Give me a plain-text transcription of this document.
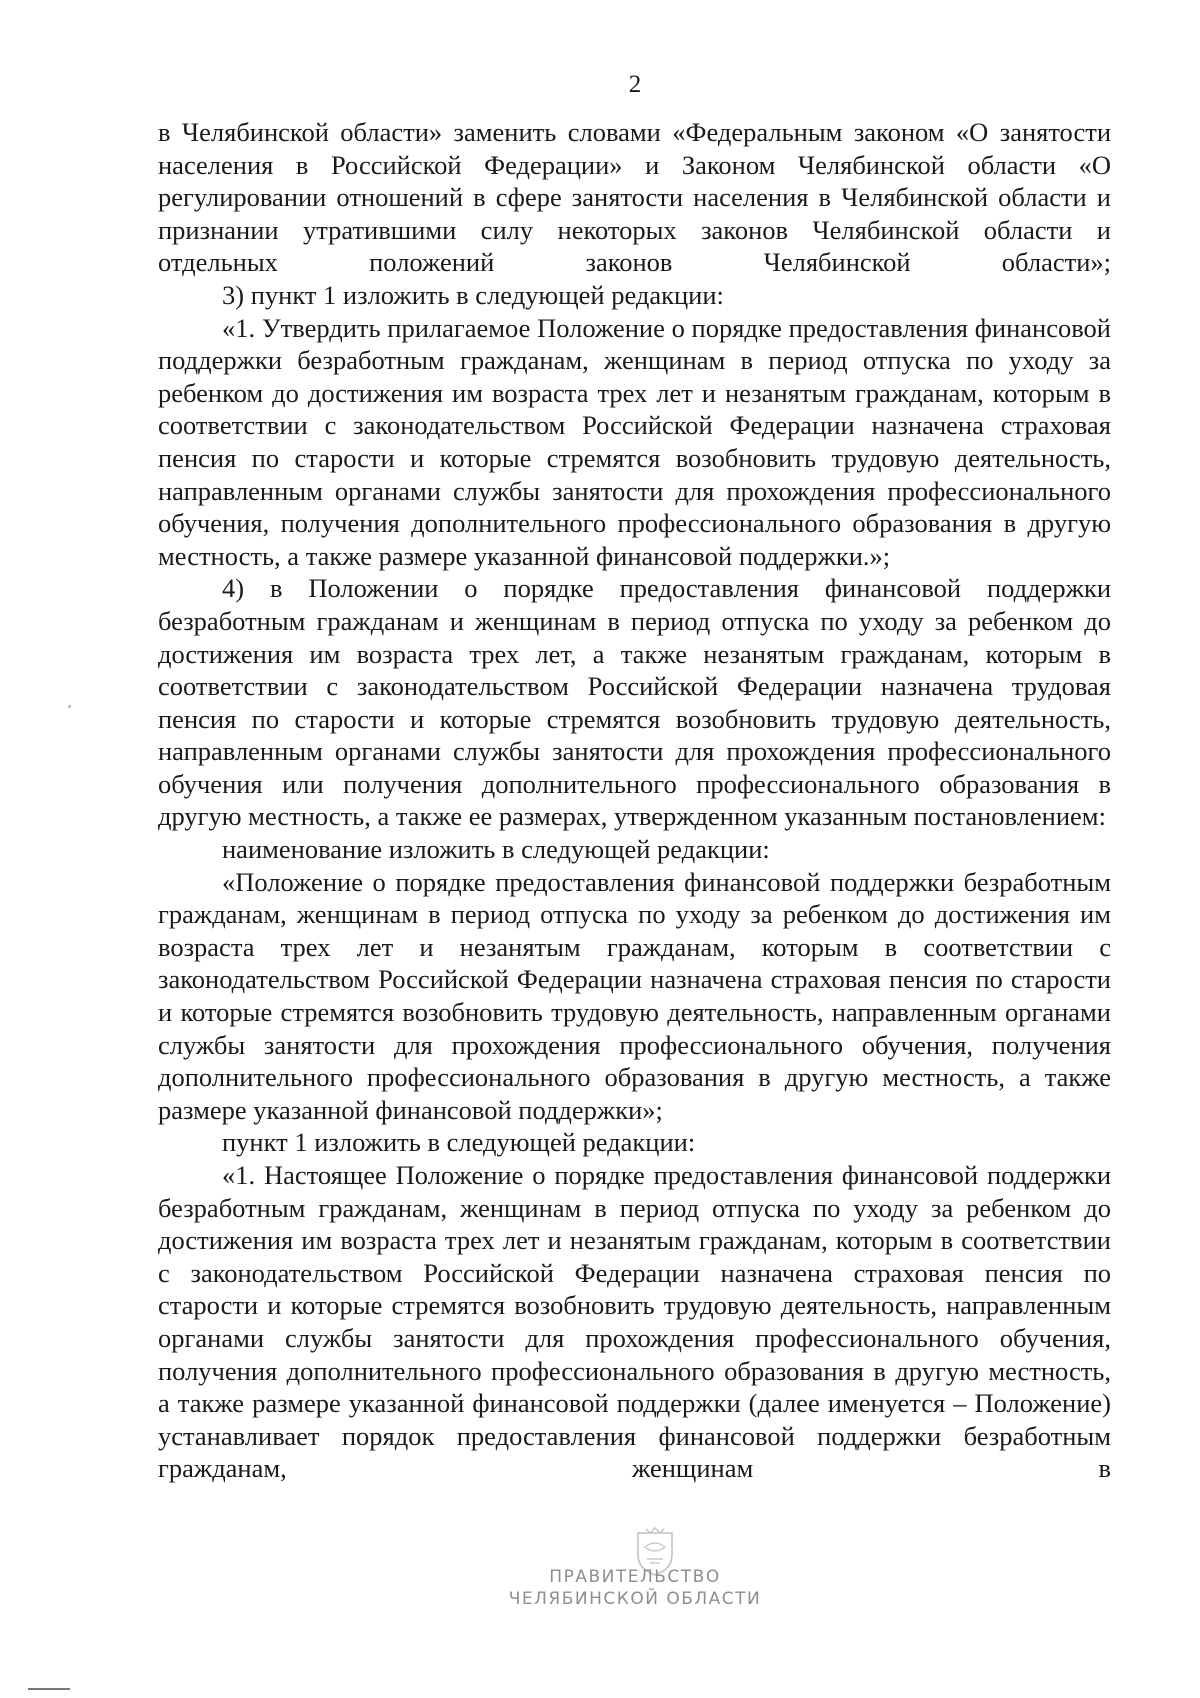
2

в Челябинской области» заменить словами «Федеральным законом «О занятости населения в Российской Федерации» и Законом Челябинской области «О регулировании отношений в сфере занятости населения в Челябинской области и признании утратившими силу некоторых законов Челябинской области и отдельных положений законов Челябинской области»;

3) пункт 1 изложить в следующей редакции:

«1. Утвердить прилагаемое Положение о порядке предоставления финансовой поддержки безработным гражданам, женщинам в период отпуска по уходу за ребенком до достижения им возраста трех лет и незанятым гражданам, которым в соответствии с законодательством Российской Федерации назначена страховая пенсия по старости и которые стремятся возобновить трудовую деятельность, направленным органами службы занятости для прохождения профессионального обучения, получения дополнительного профессионального образования в другую местность, а также размере указанной финансовой поддержки.»;

4) в Положении о порядке предоставления финансовой поддержки безработным гражданам и женщинам в период отпуска по уходу за ребенком до достижения им возраста трех лет, а также незанятым гражданам, которым в соответствии с законодательством Российской Федерации назначена трудовая пенсия по старости и которые стремятся возобновить трудовую деятельность, направленным органами службы занятости для прохождения профессионального обучения или получения дополнительного профессионального образования в другую местность, а также ее размерах, утвержденном указанным постановлением:

наименование изложить в следующей редакции:

«Положение о порядке предоставления финансовой поддержки безработным гражданам, женщинам в период отпуска по уходу за ребенком до достижения им возраста трех лет и незанятым гражданам, которым в соответствии с законодательством Российской Федерации назначена страховая пенсия по старости и которые стремятся возобновить трудовую деятельность, направленным органами службы занятости для прохождения профессионального обучения, получения дополнительного профессионального образования в другую местность, а также размере указанной финансовой поддержки»;

пункт 1 изложить в следующей редакции:

«1. Настоящее Положение о порядке предоставления финансовой поддержки безработным гражданам, женщинам в период отпуска по уходу за ребенком до достижения им возраста трех лет и незанятым гражданам, которым в соответствии с законодательством Российской Федерации назначена страховая пенсия по старости и которые стремятся возобновить трудовую деятельность, направленным органами службы занятости для прохождения профессионального обучения, получения дополнительного профессионального образования в другую местность, а также размере указанной финансовой поддержки (далее именуется – Положение) устанавливает порядок предоставления финансовой поддержки безработным гражданам, женщинам в

ПРАВИТЕЛЬСТВО
ЧЕЛЯБИНСКОЙ ОБЛАСТИ
